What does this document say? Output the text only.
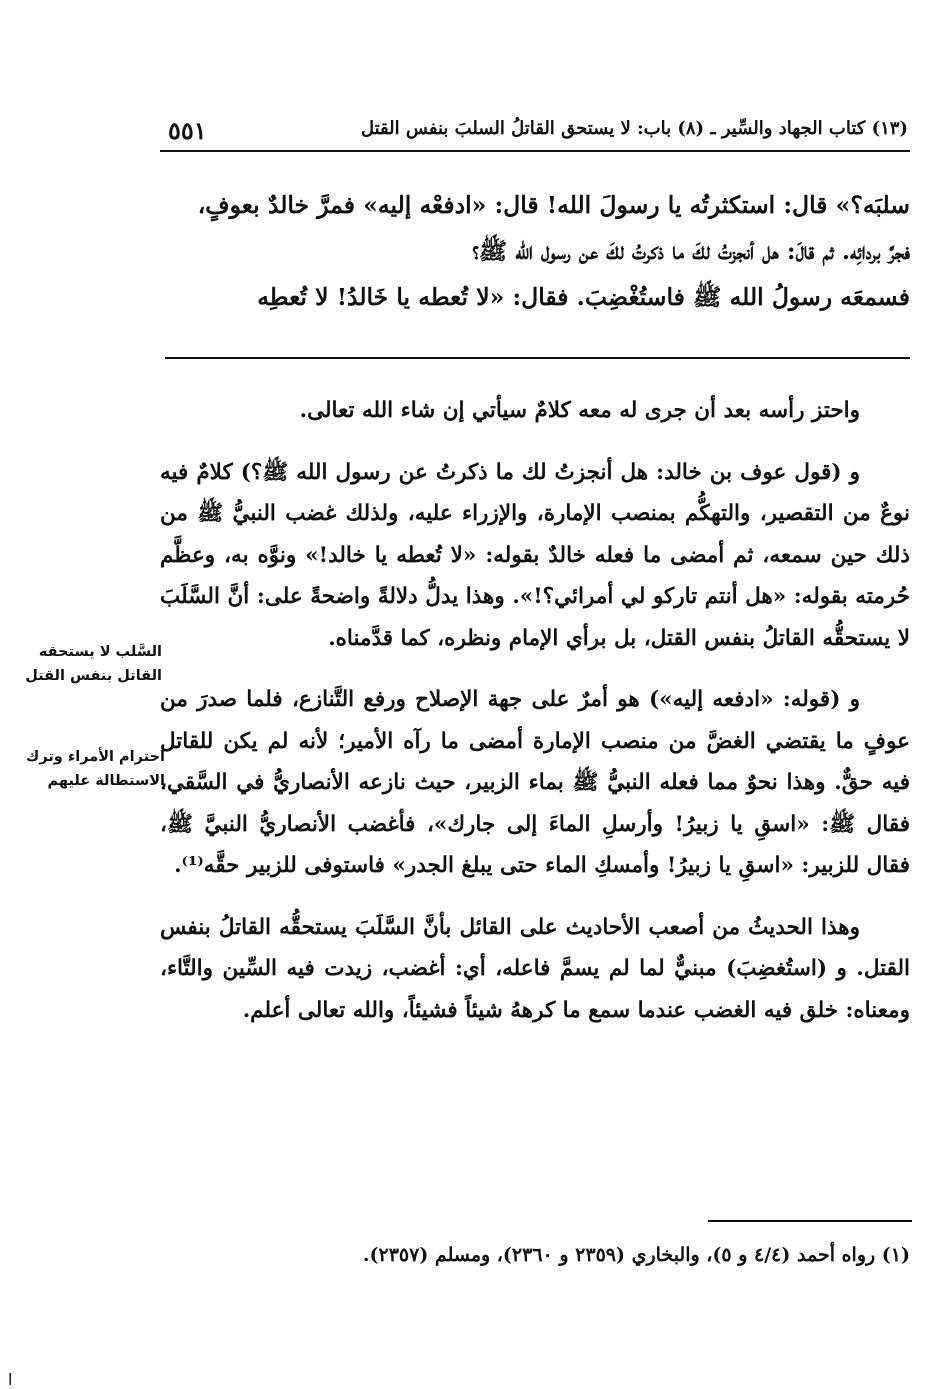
٥٥١	(١٣) كتاب الجهاد والسِّير ـ (٨) باب: لا يستحق القاتلُ السلبَ بنفس القتل

سلبَه؟» قال: استكثرتُه يا رسولَ الله! قال: «ادفعْه إليه» فمرَّ خالدٌ بعوفٍ،

فجرَّ بردائِه. ثم قالَ: هل أنجزتُ لكَ ما ذكرتُ لكَ عن رسول الله ﷺ؟

فسمعَه رسولُ الله ﷺ فاستُغْضِبَ. فقال: «لا تُعطه يا خَالدُ! لا تُعطِه

واحتز رأسه بعد أن جرى له معه كلامٌ سيأتي إن شاء الله تعالى.

و (قول عوف بن خالد: هل أنجزتُ لك ما ذكرتُ عن رسول الله ﷺ؟) كلامٌ فيه نوعٌ من التقصير، والتهكُّم بمنصب الإمارة، والإزراء عليه، ولذلك غضب النبيُّ ﷺ من ذلك حين سمعه، ثم أمضى ما فعله خالدٌ بقوله: «لا تُعطه يا خالد!» ونوَّه به، وعظَّم حُرمته بقوله: «هل أنتم تاركو لي أمرائي؟!». وهذا يدلُّ دلالةً واضحةً على: أنَّ السَّلَبَ لا يستحقُّه القاتلُ بنفس القتل، بل برأي الإمام ونظره، كما قدَّمناه.

و (قوله: «ادفعه إليه») هو أمرٌ على جهة الإصلاح ورفع التَّنازع، فلما صدرَ من عوفٍ ما يقتضي الغضَّ من منصب الإمارة أمضى ما رآه الأمير؛ لأنه لم يكن للقاتل فيه حقٌّ. وهذا نحوٌ مما فعله النبيُّ ﷺ بماء الزبير، حيث نازعه الأنصاريُّ في السَّقي، فقال ﷺ: «اسقِ يا زبيرُ! وأرسلِ الماءَ إلى جارك»، فأغضب الأنصاريُّ النبيَّ ﷺ، فقال للزبير: «اسقِ يا زبيرُ! وأمسكِ الماء حتى يبلغ الجدر» فاستوفى للزبير حقَّه⁽¹⁾.

وهذا الحديثُ من أصعب الأحاديث على القائل بأنَّ السَّلَبَ يستحقُّه القاتلُ بنفس القتل. و (استُغضِبَ) مبنيٌّ لما لم يسمَّ فاعله، أي: أغضب، زيدت فيه السِّين والتَّاء، ومعناه: خلق فيه الغضب عندما سمع ما كرههُ شيئاً فشيئاً، والله تعالى أعلم.

السَّلب لا يستحقه القاتل بنفس القتل
احترام الأمراء وترك الاستطالة عليهم
(١) رواه أحمد (٤/٤ و ٥)، والبخاري (٢٣٥٩ و ٢٣٦٠)، ومسلم (٢٣٥٧).
ا
